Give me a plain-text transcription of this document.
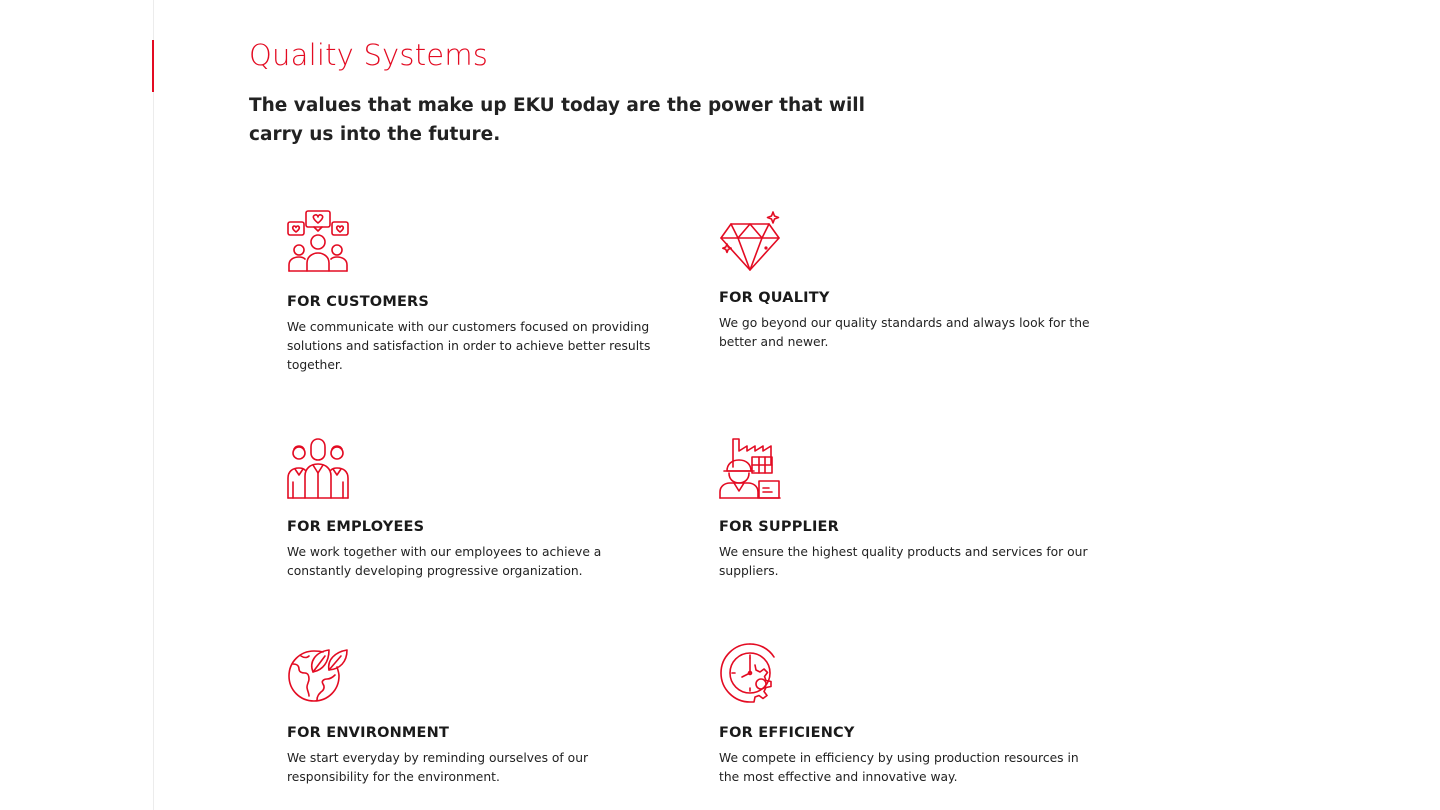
Quality Systems

The values that make up EKU today are the power that will carry us into the future.

FOR CUSTOMERS

We communicate with our customers focused on providing solutions and satisfaction in order to achieve better results together.

FOR QUALITY

We go beyond our quality standards and always look for the better and newer.

FOR EMPLOYEES

We work together with our employees to achieve a constantly developing progressive organization.

FOR SUPPLIER

We ensure the highest quality products and services for our suppliers.

FOR ENVIRONMENT

We start everyday by reminding ourselves of our responsibility for the environment.

FOR EFFICIENCY

We compete in efficiency by using production resources in the most effective and innovative way.
